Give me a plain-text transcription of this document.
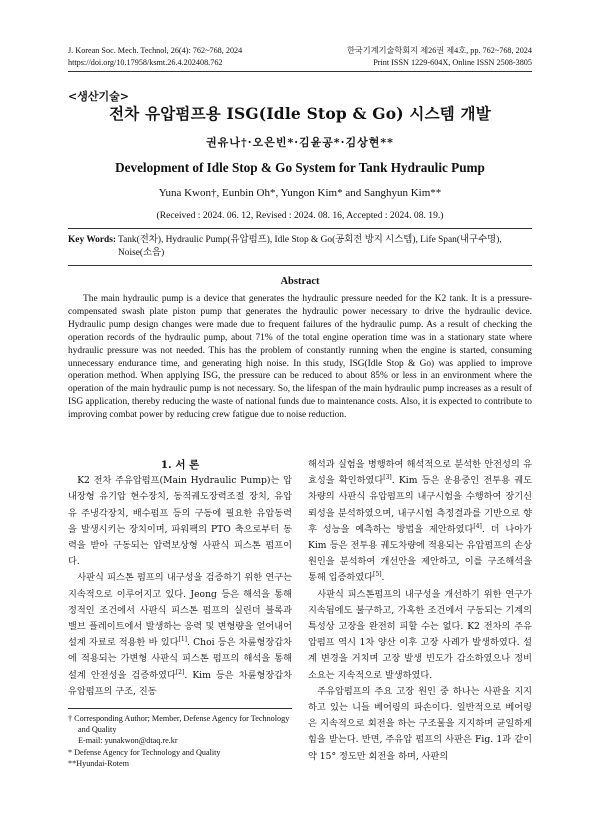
J. Korean Soc. Mech. Technol, 26(4): 762~768, 2024	한국기계기술학회지 제26권 제4호, pp. 762~768, 2024
https://doi.org/10.17958/ksmt.26.4.202408.762	Print ISSN 1229-604X, Online ISSN 2508-3805
<생산기술>
전차 유압펌프용 ISG(Idle Stop & Go) 시스템 개발
권유나†·오은빈*·김윤공*·김상현**
Development of Idle Stop & Go System for Tank Hydraulic Pump
Yuna Kwon†, Eunbin Oh*, Yungon Kim* and Sanghyun Kim**
(Received : 2024. 06. 12, Revised : 2024. 08. 16, Accepted : 2024. 08. 19.)
Key Words: Tank(전차), Hydraulic Pump(유압펌프), Idle Stop & Go(공회전 방지 시스템), Life Span(내구수명), Noise(소음)
Abstract
The main hydraulic pump is a device that generates the hydraulic pressure needed for the K2 tank. It is a pressure-compensated swash plate piston pump that generates the hydraulic power necessary to drive the hydraulic device. Hydraulic pump design changes were made due to frequent failures of the hydraulic pump. As a result of checking the operation records of the hydraulic pump, about 71% of the total engine operation time was in a stationary state where hydraulic pressure was not needed. This has the problem of constantly running when the engine is started, consuming unnecessary endurance time, and generating high noise. In this study, ISG(Idle Stop & Go) was applied to improve operation method. When applying ISG, the pressure can be reduced to about 85% or less in an environment where the operation of the main hydraulic pump is not necessary. So, the lifespan of the main hydraulic pump increases as a result of ISG application, thereby reducing the waste of national funds due to maintenance costs. Also, it is expected to contribute to improving combat power by reducing crew fatigue due to noise reduction.

1. 서 론

K2 전차 주유압펌프(Main Hydraulic Pump)는 압내장형 유기압 현수장치, 동적궤도장력조절 장치, 유압유 주냉각장치, 배수펌프 등의 구동에 필요한 유압동력을 발생시키는 장치이며, 파워팩의 PTO 축으로부터 동력을 받아 구동되는 압력보상형 사판식 피스톤 펌프이다.

사판식 피스톤 펌프의 내구성을 검증하기 위한 연구는 지속적으로 이루어지고 있다. Jeong 등은 해석을 통해 정적인 조건에서 사판식 피스톤 펌프의 실린더 블록과 밸브 플레이트에서 발생하는 응력 및 변형량을 얻어내어 설계 자료로 적용한 바 있다[1]. Choi 등은 차륜형장갑차에 적용되는 가변형 사판식 피스톤 펌프의 해석을 통해 설계 안전성을 검증하였다[2]. Kim 등은 차륜형장갑차 유압펌프의 구조, 진동

해석과 실험을 병행하여 해석적으로 분석한 안전성의 유효성을 확인하였다[3]. Kim 등은 운용중인 전투용 궤도차량의 사판식 유압펌프의 내구시험을 수행하여 장기신뢰성을 분석하였으며, 내구시험 측정결과를 기반으로 향후 성능을 예측하는 방법을 제안하였다[4]. 더 나아가 Kim 등은 전투용 궤도차량에 적용되는 유압펌프의 손상원인을 분석하여 개선안을 제안하고, 이를 구조해석을 통해 입증하였다[5].

사판식 피스톤펌프의 내구성을 개선하기 위한 연구가 지속됨에도 불구하고, 가혹한 조건에서 구동되는 기계의 특성상 고장을 완전히 피할 수는 없다. K2 전차의 주유압펌프 역시 1차 양산 이후 고장 사례가 발생하였다. 설계 변경을 거치며 고장 발생 빈도가 감소하였으나 정비 소요는 지속적으로 발생하였다.

주유압펌프의 주요 고장 원인 중 하나는 사판을 지지하고 있는 니들 베어링의 파손이다. 일반적으로 베어링은 지속적으로 회전을 하는 구조물을 지지하며 균일하게 힘을 받는다. 반면, 주유압 펌프의 사판은 Fig. 1과 같이 약 15° 정도만 회전을 하며, 사판의

† Corresponding Author; Member, Defense Agency for Technology and Quality
E-mail: yunakwon@dtaq.re.kr
* Defense Agency for Technology and Quality
**Hyundai-Rotem
